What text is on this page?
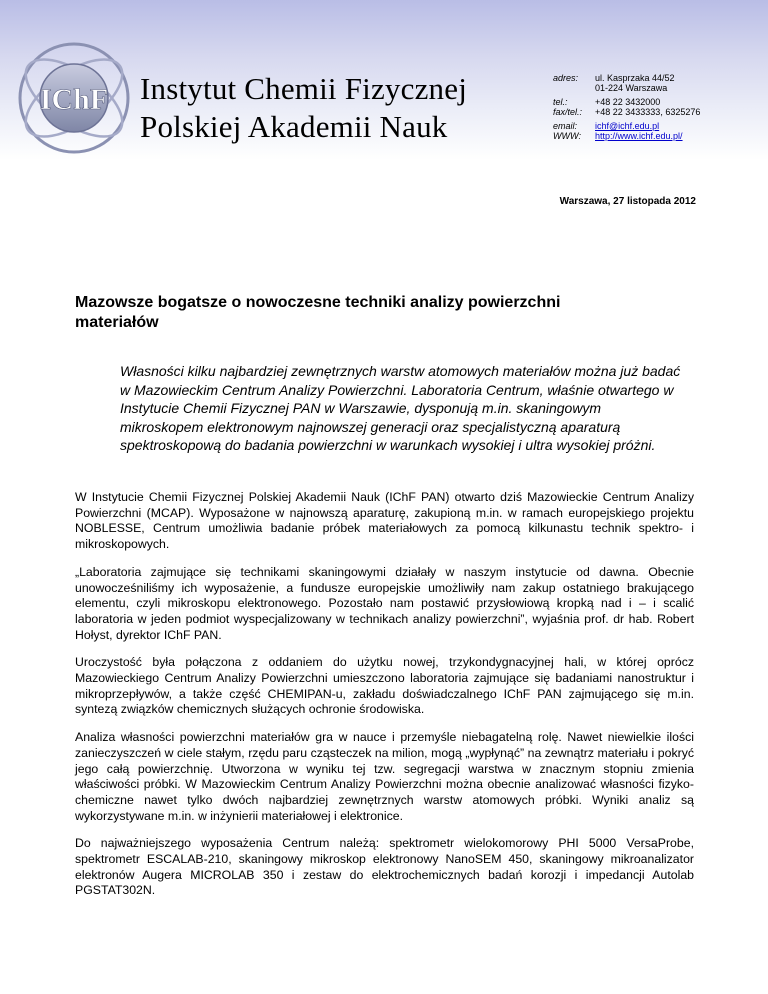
IChF Instytut Chemii Fizycznej
Polskiej Akademii Nauk
adres:	ul. Kasprzaka 44/52
01-224 Warszawa
tel.:	+48 22 3432000
fax/tel.:	+48 22 3433333, 6325276
email:	ichf@ichf.edu.pl
WWW:	http://www.ichf.edu.pl/
Warszawa, 27 listopada 2012
Mazowsze bogatsze o nowoczesne techniki analizy powierzchni
materiałów
Własności kilku najbardziej zewnętrznych warstw atomowych materiałów można już badać w Mazowieckim Centrum Analizy Powierzchni. Laboratoria Centrum, właśnie otwartego w Instytucie Chemii Fizycznej PAN w Warszawie, dysponują m.in. skaningowym mikroskopem elektronowym najnowszej generacji oraz specjalistyczną aparaturą spektroskopową do badania powierzchni w warunkach wysokiej i ultra wysokiej próżni.

W Instytucie Chemii Fizycznej Polskiej Akademii Nauk (IChF PAN) otwarto dziś Mazowieckie Centrum Analizy Powierzchni (MCAP). Wyposażone w najnowszą aparaturę, zakupioną m.in. w ramach europejskiego projektu NOBLESSE, Centrum umożliwia badanie próbek materiałowych za pomocą kilkunastu technik spektro- i mikroskopowych.

„Laboratoria zajmujące się technikami skaningowymi działały w naszym instytucie od dawna. Obecnie unowocześniliśmy ich wyposażenie, a fundusze europejskie umożliwiły nam zakup ostatniego brakującego elementu, czyli mikroskopu elektronowego. Pozostało nam postawić przysłowiową kropką nad i – i scalić laboratoria w jeden podmiot wyspecjalizowany w technikach analizy powierzchni”, wyjaśnia prof. dr hab. Robert Hołyst, dyrektor IChF PAN.

Uroczystość była połączona z oddaniem do użytku nowej, trzykondygnacyjnej hali, w której oprócz Mazowieckiego Centrum Analizy Powierzchni umieszczono laboratoria zajmujące się badaniami nanostruktur i mikroprzepływów, a także część CHEMIPAN-u, zakładu doświadczalnego IChF PAN zajmującego się m.in. syntezą związków chemicznych służących ochronie środowiska.

Analiza własności powierzchni materiałów gra w nauce i przemyśle niebagatelną rolę. Nawet niewielkie ilości zanieczyszczeń w ciele stałym, rzędu paru cząsteczek na milion, mogą „wypłynąć” na zewnątrz materiału i pokryć jego całą powierzchnię. Utworzona w wyniku tej tzw. segregacji warstwa w znacznym stopniu zmienia właściwości próbki. W Mazowieckim Centrum Analizy Powierzchni można obecnie analizować własności fizyko-chemiczne nawet tylko dwóch najbardziej zewnętrznych warstw atomowych próbki. Wyniki analiz są wykorzystywane m.in. w inżynierii materiałowej i elektronice.

Do najważniejszego wyposażenia Centrum należą: spektrometr wielokomorowy PHI 5000 VersaProbe, spektrometr ESCALAB-210, skaningowy mikroskop elektronowy NanoSEM 450, skaningowy mikroanalizator elektronów Augera MICROLAB 350 i zestaw do elektrochemicznych badań korozji i impedancji Autolab PGSTAT302N.
